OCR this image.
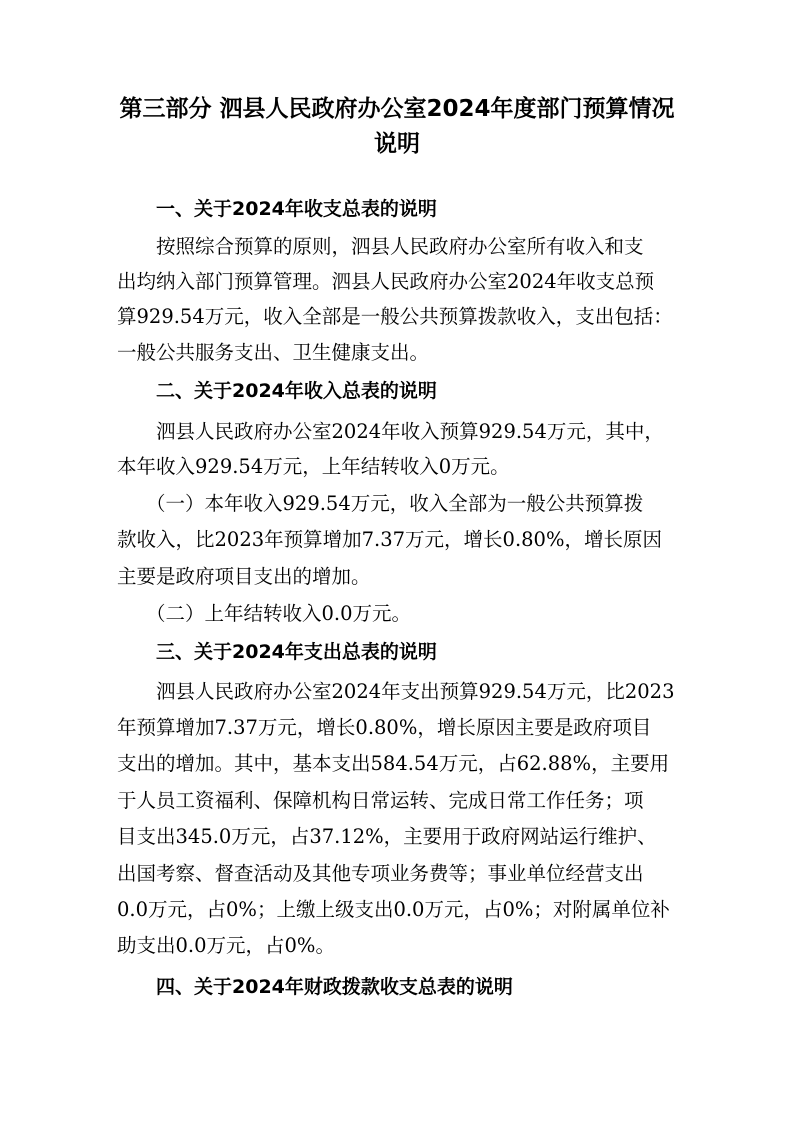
第三部分 泗县人民政府办公室2024年度部门预算情况
说明
一、关于2024年收支总表的说明

按照综合预算的原则，泗县人民政府办公室所有收入和支

出均纳入部门预算管理。泗县人民政府办公室2024年收支总预

算929.54万元，收入全部是一般公共预算拨款收入，支出包括：

一般公共服务支出、卫生健康支出。

二、关于2024年收入总表的说明

泗县人民政府办公室2024年收入预算929.54万元，其中，

本年收入929.54万元，上年结转收入0万元。

（一）本年收入929.54万元，收入全部为一般公共预算拨

款收入，比2023年预算增加7.37万元，增长0.80%，增长原因

主要是政府项目支出的增加。

（二）上年结转收入0.0万元。

三、关于2024年支出总表的说明

泗县人民政府办公室2024年支出预算929.54万元，比2023

年预算增加7.37万元，增长0.80%，增长原因主要是政府项目

支出的增加。其中，基本支出584.54万元，占62.88%，主要用

于人员工资福利、保障机构日常运转、完成日常工作任务；项

目支出345.0万元，占37.12%，主要用于政府网站运行维护、

出国考察、督查活动及其他专项业务费等；事业单位经营支出

0.0万元，占0%；上缴上级支出0.0万元，占0%；对附属单位补

助支出0.0万元，占0%。

四、关于2024年财政拨款收支总表的说明
